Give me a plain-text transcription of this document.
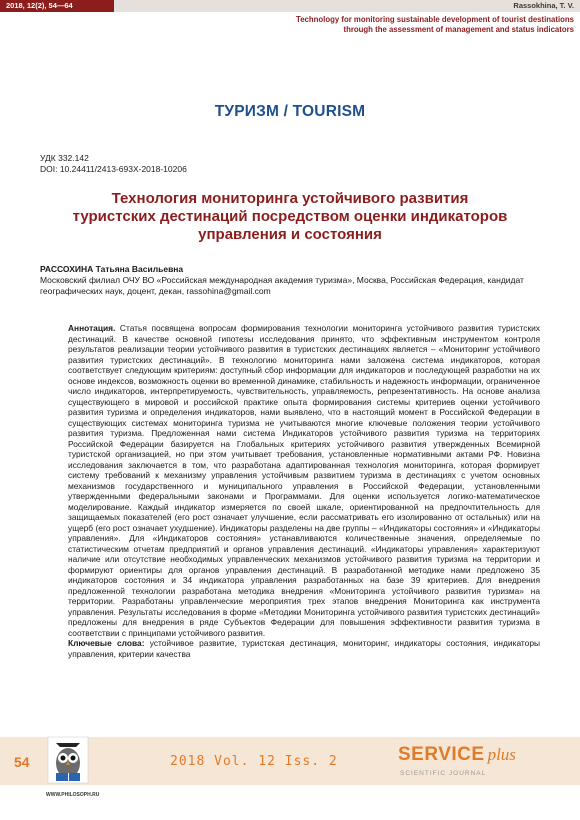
2018, 12(2), 54—64	Rassokhina, T. V.
Technology for monitoring sustainable development of tourist destinations
through the assessment of management and status indicators
ТУРИЗМ / TOURISM
УДК 332.142
DOI: 10.24411/2413-693X-2018-10206
Технология мониторинга устойчивого развития
туристских дестинаций посредством оценки индикаторов
управления и состояния
РАССОХИНА Татьяна Васильевна
Московский филиал ОЧУ ВО «Российская международная академия туризма», Москва, Российская Федерация, кандидат географических наук, доцент, декан, rassohina@gmail.com
Аннотация. Статья посвящена вопросам формирования технологии мониторинга устойчивого развития туристских дестинаций. В качестве основной гипотезы исследования принято, что эффективным инструментом контроля результатов реализации теории устойчивого развития в туристских дестинациях является – «Мониторинг устойчивого развития туристских дестинаций». В технологию мониторинга нами заложена система индикаторов, которая соответствует следующим критериям: доступный сбор информации для индикаторов и последующей разработки на их основе индексов, возможность оценки во временной динамике, стабильность и надежность информации, ограниченное число индикаторов, интерпретируемость, чувствительность, управляемость, репрезентативность. На основе анализа существующего в мировой и российской практике опыта формирования системы критериев оценки устойчивого развития туризма и определения индикаторов, нами выявлено, что в настоящий момент в Российской Федерации в существующих системах мониторинга туризма не учитываются многие ключевые положения теории устойчивого развития туризма. Предложенная нами система Индикаторов устойчивого развития туризма на территориях Российской Федерации базируется на Глобальных критериях устойчивого развития утвержденных Всемирной туристской организацией, но при этом учитывает требования, установленные нормативными актами РФ. Новизна исследования заключается в том, что разработана адаптированная технология мониторинга, которая формирует систему требований к механизму управления устойчивым развитием туризма в дестинациях с учетом основных механизмов государственного и муниципального управления в Российской Федерации, установленными утвержденными федеральными законами и Программами. Для оценки используется логико-математическое моделирование. Каждый индикатор измеряется по своей шкале, ориентированной на предпочтительность для защищаемых показателей (его рост означает улучшение, если рассматривать его изолированно от остальных) или на ущерб (его рост означает ухудшение). Индикаторы разделены на две группы – «Индикаторы состояния» и «Индикаторы управления». Для «Индикаторов состояния» устанавливаются количественные значения, определяемые по статистическим отчетам предприятий и органов управления дестинаций. «Индикаторы управления» характеризуют наличие или отсутствие необходимых управленческих механизмов устойчивого развития туризма на территории и формируют ориентиры для органов управления дестинаций. В разработанной методике нами предложено 35 индикаторов состояния и 34 индикатора управления разработанных на базе 39 критериев. Для внедрения предложенной технологии разработана методика внедрения «Мониторинга устойчивого развития туризма» на территории. Разработаны управленческие мероприятия трех этапов внедрения Мониторинга как инструмента управления. Результаты исследования в форме «Методики Мониторинга устойчивого развития туристских дестинаций» предложены для внедрения в ряде Субъектов Федерации для повышения эффективности развития туризма в соответствии с принципами устойчивого развития.
Ключевые слова: устойчивое развитие, туристская дестинация, мониторинг, индикаторы состояния, индикаторы управления, критерии качества
54	2018 Vol. 12 Iss. 2	SERVICE plus
SCIENTIFIC JOURNAL
WWW.PHILOSOPH.RU
